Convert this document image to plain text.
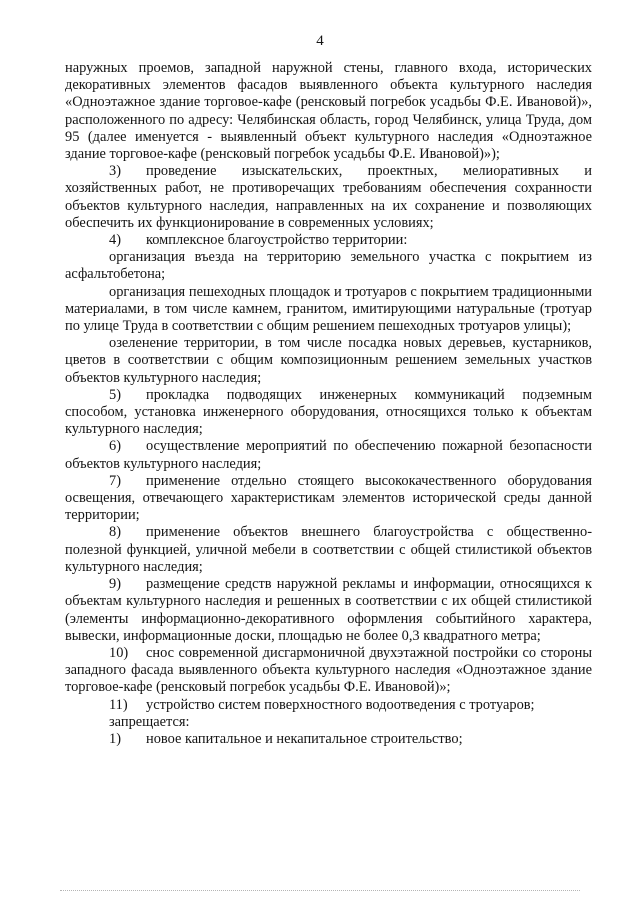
4

наружных проемов, западной наружной стены, главного входа, исторических декоративных элементов фасадов выявленного объекта культурного наследия «Одноэтажное здание торговое-кафе (ренсковый погребок усадьбы Ф.Е. Ивановой)», расположенного по адресу: Челябинская область, город Челябинск, улица Труда, дом 95 (далее именуется - выявленный объект культурного наследия «Одноэтажное здание торговое-кафе (ренсковый погребок усадьбы Ф.Е. Ивановой)»);

3) проведение изыскательских, проектных, мелиоративных и хозяйственных работ, не противоречащих требованиям обеспечения сохранности объектов культурного наследия, направленных на их сохранение и позволяющих обеспечить их функционирование в современных условиях;

4) комплексное благоустройство территории:

организация въезда на территорию земельного участка с покрытием из асфальтобетона;

организация пешеходных площадок и тротуаров с покрытием традиционными материалами, в том числе камнем, гранитом, имитирующими натуральные (тротуар по улице Труда в соответствии с общим решением пешеходных тротуаров улицы);

озеленение территории, в том числе посадка новых деревьев, кустарников, цветов в соответствии с общим композиционным решением земельных участков объектов культурного наследия;

5) прокладка подводящих инженерных коммуникаций подземным способом, установка инженерного оборудования, относящихся только к объектам культурного наследия;

6) осуществление мероприятий по обеспечению пожарной безопасности объектов культурного наследия;

7) применение отдельно стоящего высококачественного оборудования освещения, отвечающего характеристикам элементов исторической среды данной территории;

8) применение объектов внешнего благоустройства с общественно-полезной функцией, уличной мебели в соответствии с общей стилистикой объектов культурного наследия;

9) размещение средств наружной рекламы и информации, относящихся к объектам культурного наследия и решенных в соответствии с их общей стилистикой (элементы информационно-декоративного оформления событийного характера, вывески, информационные доски, площадью не более 0,3 квадратного метра;

10) снос современной дисгармоничной двухэтажной постройки со стороны западного фасада выявленного объекта культурного наследия «Одноэтажное здание торговое-кафе (ренсковый погребок усадьбы Ф.Е. Ивановой)»;

11) устройство систем поверхностного водоотведения с тротуаров;

запрещается:

1) новое капитальное и некапитальное строительство;
